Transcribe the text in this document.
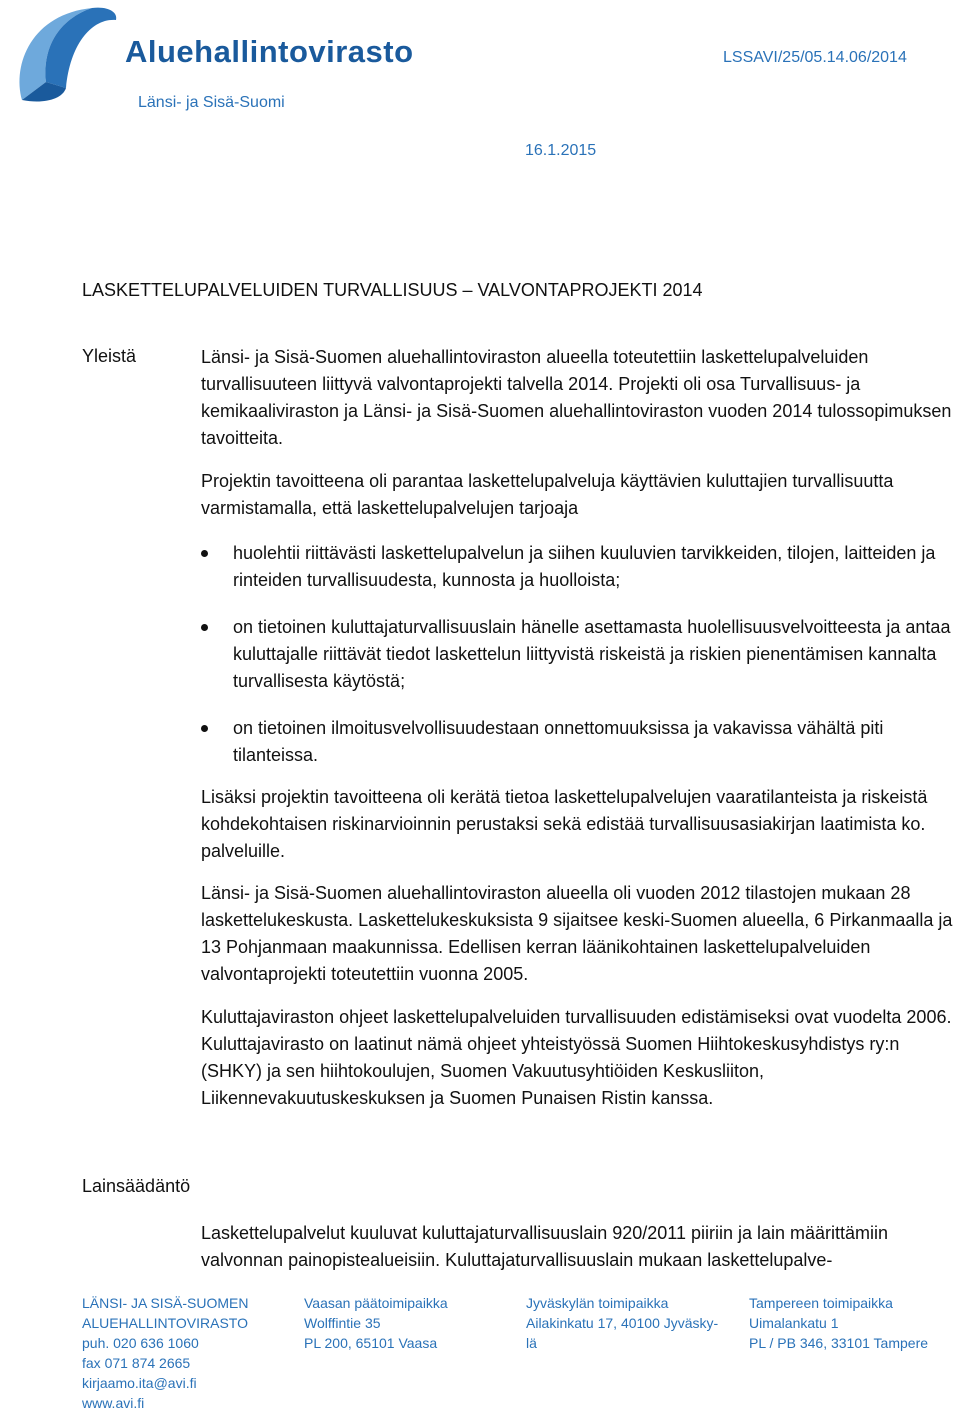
Aluehallintovirasto
Länsi- ja Sisä-Suomi
LSSAVI/25/05.14.06/2014
16.1.2015
LASKETTELUPALVELUIDEN TURVALLISUUS – VALVONTAPROJEKTI 2014
Yleistä	Länsi- ja Sisä-Suomen aluehallintoviraston alueella toteutettiin laskettelupalveluiden turvallisuuteen liittyvä valvontaprojekti talvella 2014. Projekti oli osa Turvallisuus- ja kemikaaliviraston ja Länsi- ja Sisä-Suomen aluehallintoviraston vuoden 2014 tulossopimuksen tavoitteita.

Projektin tavoitteena oli parantaa laskettelupalveluja käyttävien kuluttajien turvallisuutta varmistamalla, että laskettelupalvelujen tarjoaja

huolehtii riittävästi laskettelupalvelun ja siihen kuuluvien tarvikkeiden, tilojen, laitteiden ja rinteiden turvallisuudesta, kunnosta ja huolloista;
on tietoinen kuluttajaturvallisuuslain hänelle asettamasta huolellisuusvelvoitteesta ja antaa kuluttajalle riittävät tiedot laskettelun liittyvistä riskeistä ja riskien pienentämisen kannalta turvallisesta käytöstä;
on tietoinen ilmoitusvelvollisuudestaan onnettomuuksissa ja vakavissa vähältä piti tilanteissa.

Lisäksi projektin tavoitteena oli kerätä tietoa laskettelupalvelujen vaaratilanteista ja riskeistä kohdekohtaisen riskinarvioinnin perustaksi sekä edistää turvallisuusasiakirjan laatimista ko. palveluille.

Länsi- ja Sisä-Suomen aluehallintoviraston alueella oli vuoden 2012 tilastojen mukaan 28 laskettelukeskusta. Laskettelukeskuksista 9 sijaitsee keski-Suomen alueella, 6 Pirkanmaalla ja 13 Pohjanmaan maakunnissa. Edellisen kerran läänikohtainen laskettelupalveluiden valvontaprojekti toteutettiin vuonna 2005.

Kuluttajaviraston ohjeet laskettelupalveluiden turvallisuuden edistämiseksi ovat vuodelta 2006. Kuluttajavirasto on laatinut nämä ohjeet yhteistyössä Suomen Hiihtokeskusyhdistys ry:n (SHKY) ja sen hiihtokoulujen, Suomen Vakuutusyhtiöiden Keskusliiton, Liikennevakuutuskeskuksen ja Suomen Punaisen Ristin kanssa.

Lainsäädäntö

Laskettelupalvelut kuuluvat kuluttajaturvallisuuslain 920/2011 piiriin ja lain määrittämiin valvonnan painopistealueisiin. Kuluttajaturvallisuuslain mukaan laskettelupalve-

LÄNSI- JA SISÄ-SUOMEN
ALUEHALLINTOVIRASTO
puh. 020 636 1060
fax 071 874 2665
kirjaamo.ita@avi.fi
www.avi.fi
Vaasan päätoimipaikka
Wolffintie 35
PL 200, 65101 Vaasa
Jyväskylän toimipaikka
Ailakinkatu 17, 40100 Jyväsky-
lä
Tampereen toimipaikka
Uimalankatu 1
PL / PB 346, 33101 Tampere
